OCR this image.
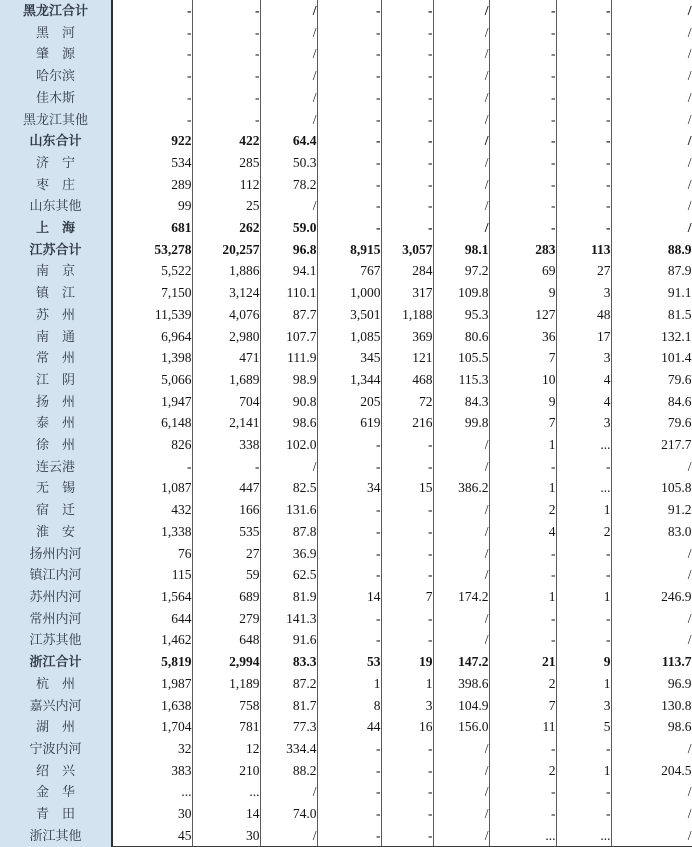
黑龙江合计	-	-	/	-	-	/	-	-	/
黑　河	-	-	/	-	-	/	-	-	/
肇　源	-	-	/	-	-	/	-	-	/
哈尔滨	-	-	/	-	-	/	-	-	/
佳木斯	-	-	/	-	-	/	-	-	/
黑龙江其他	-	-	/	-	-	/	-	-	/
山东合计	922	422	64.4	-	-	/	-	-	/
济　宁	534	285	50.3	-	-	/	-	-	/
枣　庄	289	112	78.2	-	-	/	-	-	/
山东其他	99	25	/	-	-	/	-	-	/
上　海	681	262	59.0	-	-	/	-	-	/
江苏合计	53,278	20,257	96.8	8,915	3,057	98.1	283	113	88.9
南　京	5,522	1,886	94.1	767	284	97.2	69	27	87.9
镇　江	7,150	3,124	110.1	1,000	317	109.8	9	3	91.1
苏　州	11,539	4,076	87.7	3,501	1,188	95.3	127	48	81.5
南　通	6,964	2,980	107.7	1,085	369	80.6	36	17	132.1
常　州	1,398	471	111.9	345	121	105.5	7	3	101.4
江　阴	5,066	1,689	98.9	1,344	468	115.3	10	4	79.6
扬　州	1,947	704	90.8	205	72	84.3	9	4	84.6
泰　州	6,148	2,141	98.6	619	216	99.8	7	3	79.6
徐　州	826	338	102.0	-	-	/	1	...	217.7
连云港	-	-	/	-	-	/	-	-	/
无　锡	1,087	447	82.5	34	15	386.2	1	...	105.8
宿　迁	432	166	131.6	-	-	/	2	1	91.2
淮　安	1,338	535	87.8	-	-	/	4	2	83.0
扬州内河	76	27	36.9	-	-	/	-	-	/
镇江内河	115	59	62.5	-	-	/	-	-	/
苏州内河	1,564	689	81.9	14	7	174.2	1	1	246.9
常州内河	644	279	141.3	-	-	/	-	-	/
江苏其他	1,462	648	91.6	-	-	/	-	-	/
浙江合计	5,819	2,994	83.3	53	19	147.2	21	9	113.7
杭　州	1,987	1,189	87.2	1	1	398.6	2	1	96.9
嘉兴内河	1,638	758	81.7	8	3	104.9	7	3	130.8
湖　州	1,704	781	77.3	44	16	156.0	11	5	98.6
宁波内河	32	12	334.4	-	-	/	-	-	/
绍　兴	383	210	88.2	-	-	/	2	1	204.5
金　华	...	...	/	-	-	/	-	-	/
青　田	30	14	74.0	-	-	/	-	-	/
浙江其他	45	30	/	-	-	/	...	...	/
